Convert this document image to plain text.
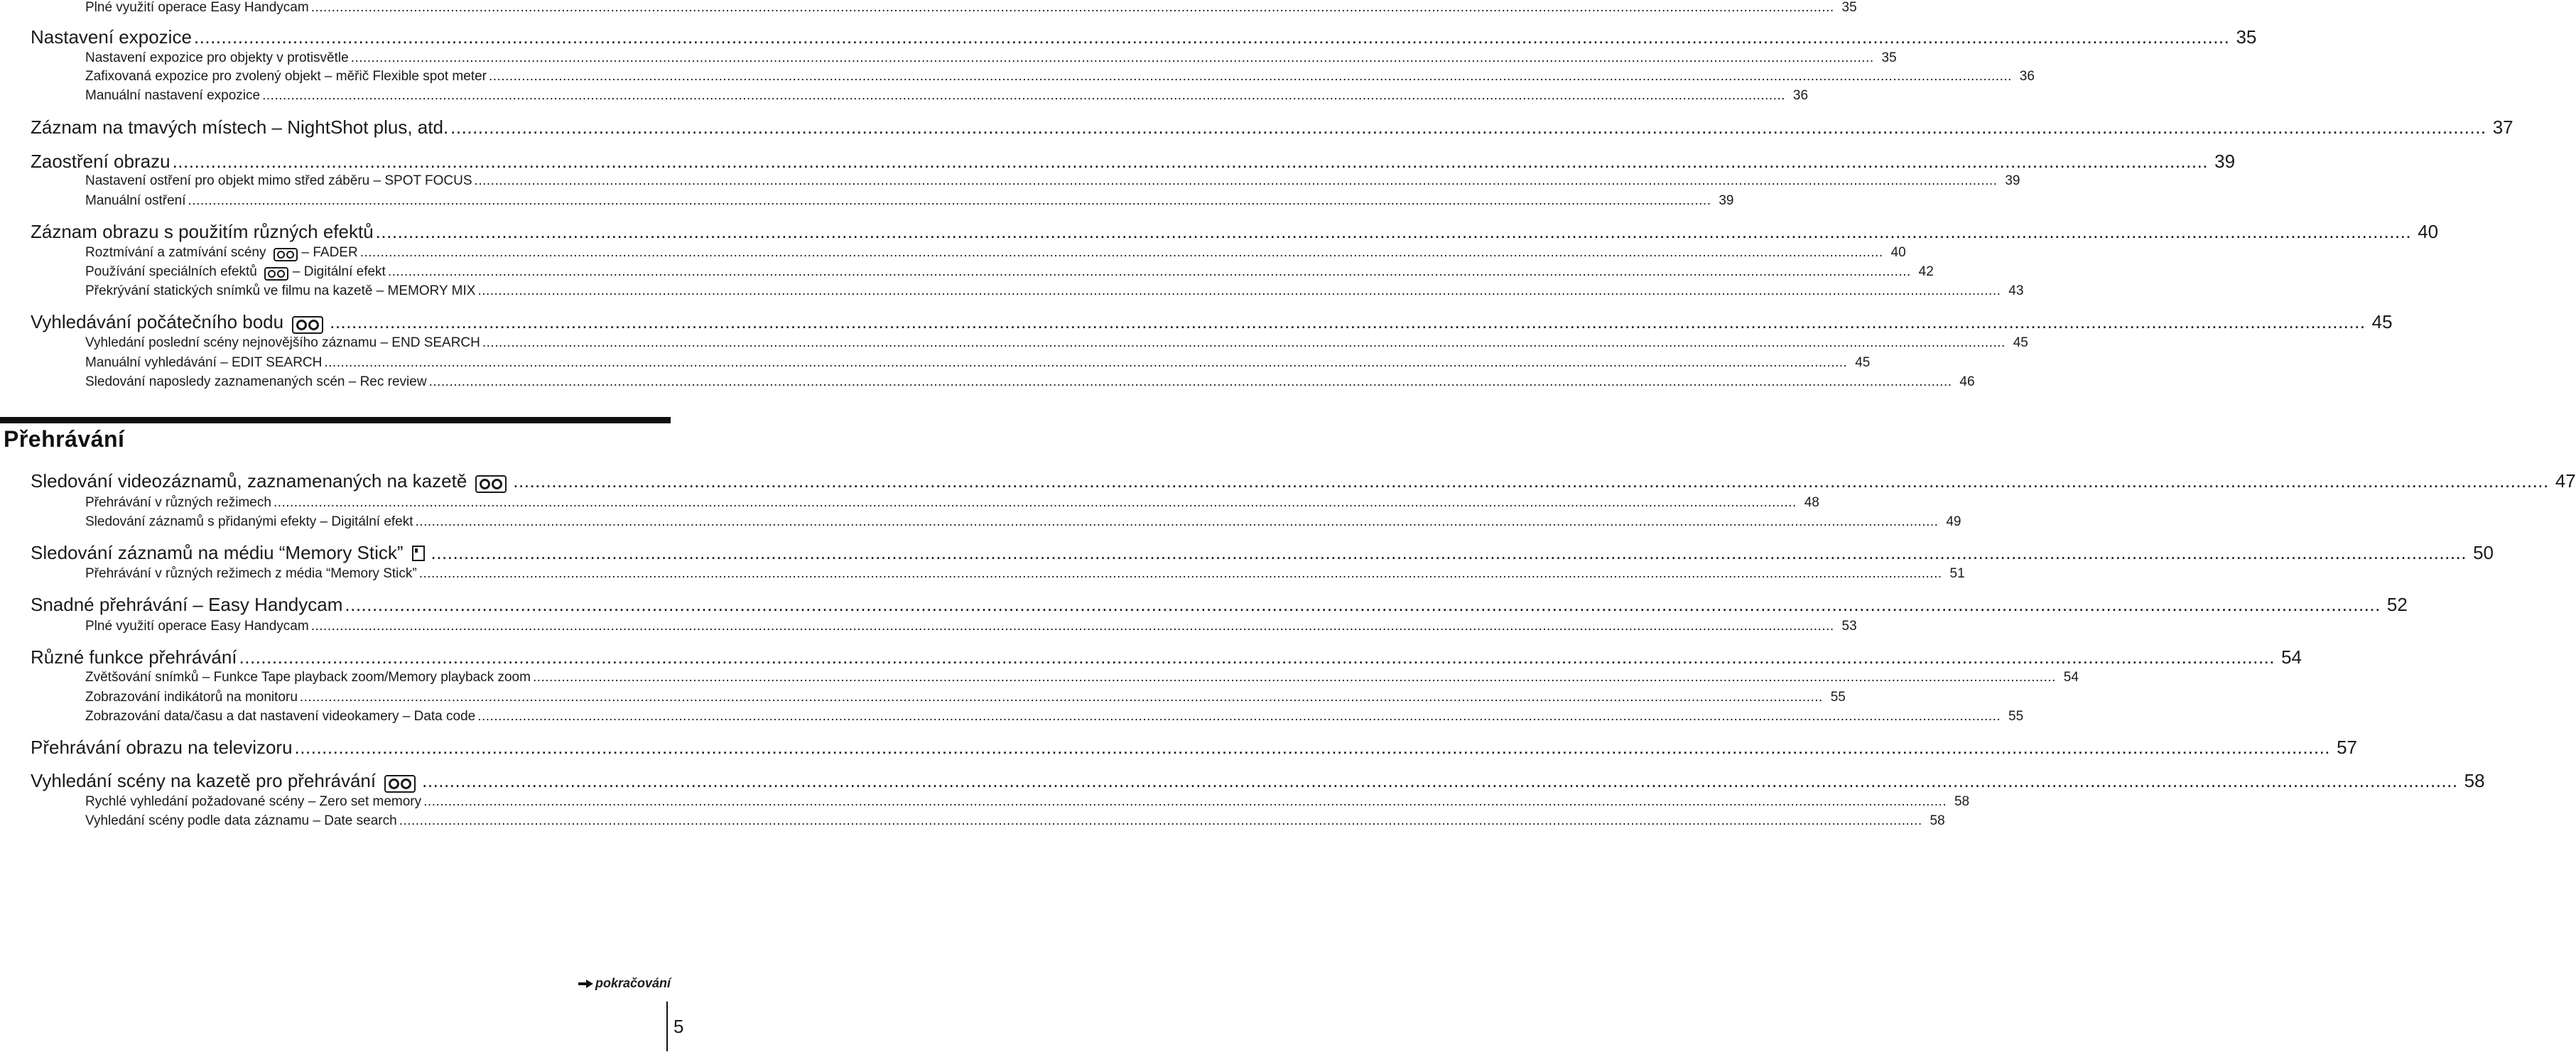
Plné využití operace Easy Handycam .....	35
Nastavení expozice .....	35
Nastavení expozice pro objekty v protisvětle .....	35
Zafixovaná expozice pro zvolený objekt – měřič Flexible spot meter .....	36
Manuální nastavení expozice .....	36
Záznam na tmavých místech – NightShot plus, atd. .....	37
Zaostření obrazu .....	39
Nastavení ostření pro objekt mimo střed záběru – SPOT FOCUS .....	39
Manuální ostření .....	39
Záznam obrazu s použitím různých efektů .....	40
Roztmívání a zatmívání scény	– FADER .....	40
Používání speciálních efektů	– Digitální efekt .....	42
Překrývání statických snímků ve filmu na kazetě – MEMORY MIX .....	43
Vyhledávání počátečního bodu .....	45
Vyhledání poslední scény nejnovějšího záznamu – END SEARCH .....	45
Manuální vyhledávání – EDIT SEARCH .....	45
Sledování naposledy zaznamenaných scén – Rec review .....	46
Sledování videozáznamů, zaznamenaných na kazetě .....	47
Přehrávání v různých režimech .....	48
Sledování záznamů s přidanými efekty – Digitální efekt .....	49
Sledování záznamů na médiu “Memory Stick” .....	50
Přehrávání v různých režimech z média “Memory Stick” .....	51
Snadné přehrávání – Easy Handycam .....	52
Plné využití operace Easy Handycam .....	53
Různé funkce přehrávání .....	54
Zvětšování snímků – Funkce Tape playback zoom/Memory playback zoom .....	54
Zobrazování indikátorů na monitoru .....	55
Zobrazování data/času a dat nastavení videokamery – Data code .....	55
Přehrávání obrazu na televizoru .....	57
Vyhledání scény na kazetě pro přehrávání .....	58
Rychlé vyhledání požadované scény – Zero set memory .....	58
Vyhledání scény podle data záznamu – Date search .....	58
Přehrávání
pokračování
5
